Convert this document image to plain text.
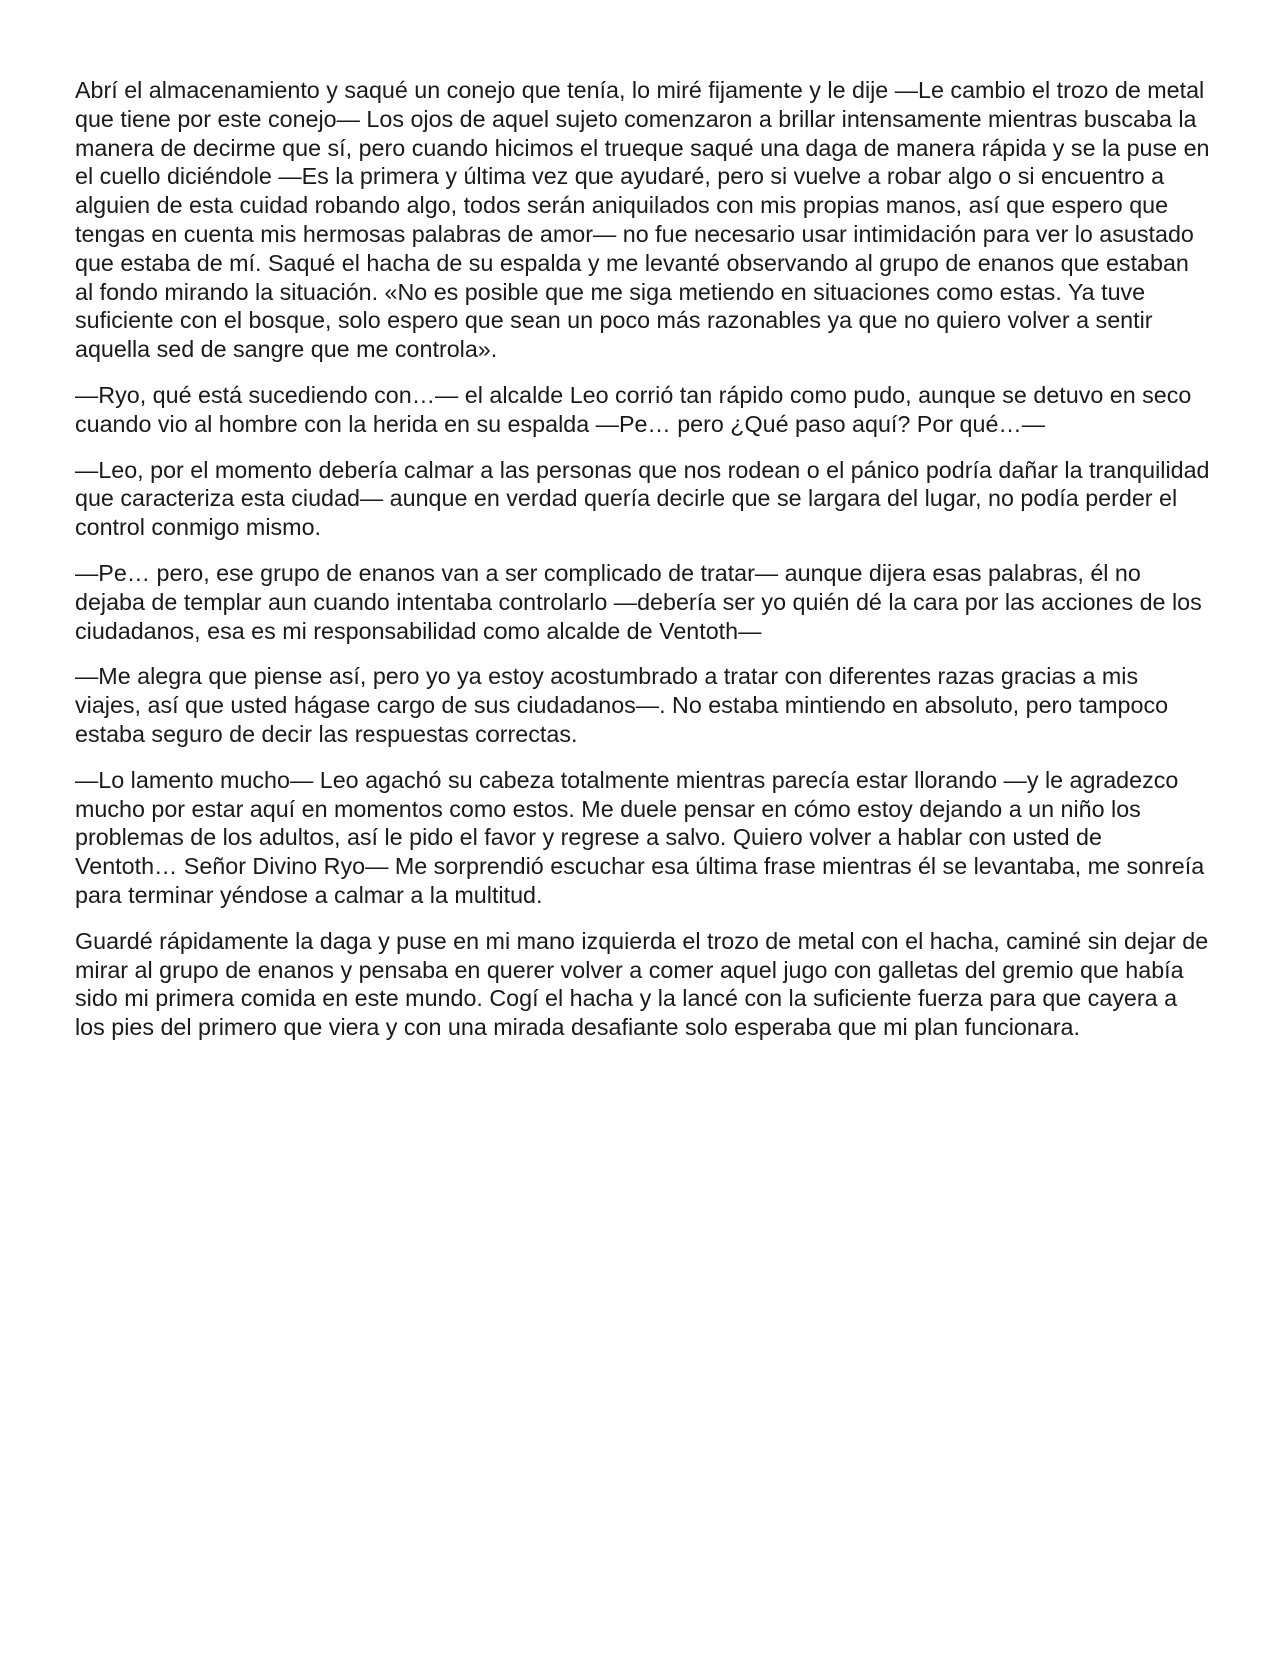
Abrí el almacenamiento y saqué un conejo que tenía, lo miré fijamente y le dije —Le cambio el trozo de metal que tiene por este conejo— Los ojos de aquel sujeto comenzaron a brillar intensamente mientras buscaba la manera de decirme que sí, pero cuando hicimos el trueque saqué una daga de manera rápida y se la puse en el cuello diciéndole —Es la primera y última vez que ayudaré, pero si vuelve a robar algo o si encuentro a alguien de esta cuidad robando algo, todos serán aniquilados con mis propias manos, así que espero que tengas en cuenta mis hermosas palabras de amor— no fue necesario usar intimidación para ver lo asustado que estaba de mí. Saqué el hacha de su espalda y me levanté observando al grupo de enanos que estaban al fondo mirando la situación. «No es posible que me siga metiendo en situaciones como estas. Ya tuve suficiente con el bosque, solo espero que sean un poco más razonables ya que no quiero volver a sentir aquella sed de sangre que me controla».

—Ryo, qué está sucediendo con…— el alcalde Leo corrió tan rápido como pudo, aunque se detuvo en seco cuando vio al hombre con la herida en su espalda —Pe… pero ¿Qué paso aquí? Por qué…—

—Leo, por el momento debería calmar a las personas que nos rodean o el pánico podría dañar la tranquilidad que caracteriza esta ciudad— aunque en verdad quería decirle que se largara del lugar, no podía perder el control conmigo mismo.

—Pe… pero, ese grupo de enanos van a ser complicado de tratar— aunque dijera esas palabras, él no dejaba de templar aun cuando intentaba controlarlo —debería ser yo quién dé la cara por las acciones de los ciudadanos, esa es mi responsabilidad como alcalde de Ventoth—

—Me alegra que piense así, pero yo ya estoy acostumbrado a tratar con diferentes razas gracias a mis viajes, así que usted hágase cargo de sus ciudadanos—. No estaba mintiendo en absoluto, pero tampoco estaba seguro de decir las respuestas correctas.

—Lo lamento mucho— Leo agachó su cabeza totalmente mientras parecía estar llorando —y le agradezco mucho por estar aquí en momentos como estos. Me duele pensar en cómo estoy dejando a un niño los problemas de los adultos, así le pido el favor y regrese a salvo. Quiero volver a hablar con usted de Ventoth… Señor Divino Ryo— Me sorprendió escuchar esa última frase mientras él se levantaba, me sonreía para terminar yéndose a calmar a la multitud.

Guardé rápidamente la daga y puse en mi mano izquierda el trozo de metal con el hacha, caminé sin dejar de mirar al grupo de enanos y pensaba en querer volver a comer aquel jugo con galletas del gremio que había sido mi primera comida en este mundo. Cogí el hacha y la lancé con la suficiente fuerza para que cayera a los pies del primero que viera y con una mirada desafiante solo esperaba que mi plan funcionara.
